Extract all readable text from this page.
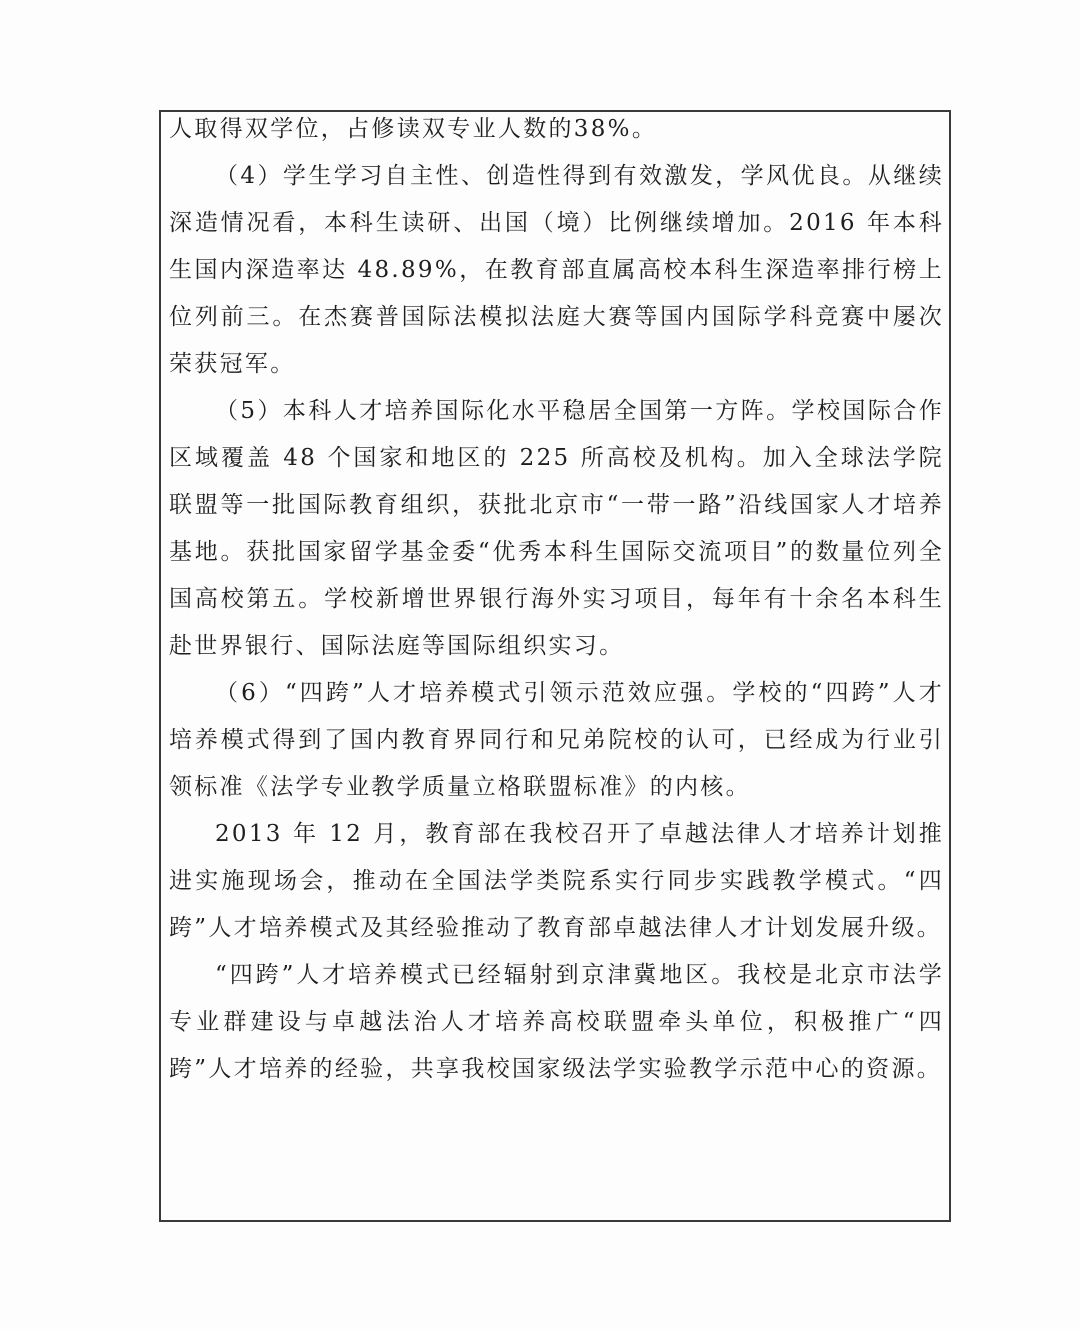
人取得双学位，占修读双专业人数的38%。

（4）学生学习自主性、创造性得到有效激发，学风优良。从继续深造情况看，本科生读研、出国（境）比例继续增加。2016 年本科生国内深造率达 48.89%，在教育部直属高校本科生深造率排行榜上位列前三。在杰赛普国际法模拟法庭大赛等国内国际学科竞赛中屡次荣获冠军。

（5）本科人才培养国际化水平稳居全国第一方阵。学校国际合作区域覆盖 48 个国家和地区的 225 所高校及机构。加入全球法学院联盟等一批国际教育组织，获批北京市“一带一路”沿线国家人才培养基地。获批国家留学基金委“优秀本科生国际交流项目”的数量位列全国高校第五。学校新增世界银行海外实习项目，每年有十余名本科生赴世界银行、国际法庭等国际组织实习。

（6）“四跨”人才培养模式引领示范效应强。学校的“四跨”人才培养模式得到了国内教育界同行和兄弟院校的认可，已经成为行业引领标准《法学专业教学质量立格联盟标准》的内核。

2013 年 12 月，教育部在我校召开了卓越法律人才培养计划推进实施现场会，推动在全国法学类院系实行同步实践教学模式。“四跨”人才培养模式及其经验推动了教育部卓越法律人才计划发展升级。

“四跨”人才培养模式已经辐射到京津冀地区。我校是北京市法学专业群建设与卓越法治人才培养高校联盟牵头单位，积极推广“四跨”人才培养的经验，共享我校国家级法学实验教学示范中心的资源。
